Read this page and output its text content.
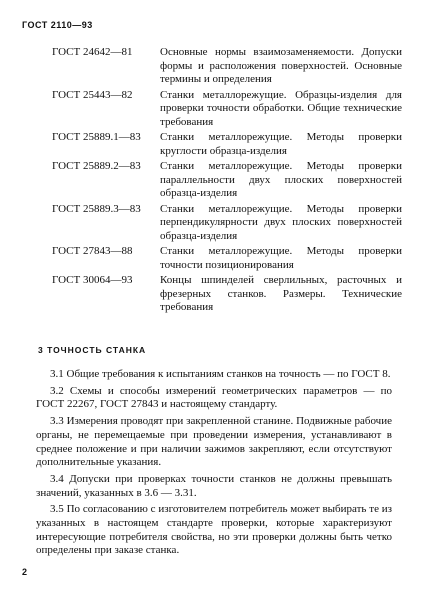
ГОСТ 2110—93
ГОСТ 24642—81	Основные нормы взаимозаменяемости. Допуски формы и расположения поверхностей. Основные термины и определения
ГОСТ 25443—82	Станки металлорежущие. Образцы-изделия для проверки точности обработки. Общие технические требования
ГОСТ 25889.1—83	Станки металлорежущие. Методы проверки круглости образца-изделия
ГОСТ 25889.2—83	Станки металлорежущие. Методы проверки параллельности двух плоских поверхностей образца-изделия
ГОСТ 25889.3—83	Станки металлорежущие. Методы проверки перпендикулярности двух плоских поверхностей образца-изделия
ГОСТ 27843—88	Станки металлорежущие. Методы проверки точности позиционирования
ГОСТ 30064—93	Концы шпинделей сверлильных, расточных и фрезерных станков. Размеры. Технические требования
3 ТОЧНОСТЬ СТАНКА

3.1 Общие требования к испытаниям станков на точность — по ГОСТ 8.

3.2 Схемы и способы измерений геометрических параметров — по ГОСТ 22267, ГОСТ 27843 и настоящему стандарту.

3.3 Измерения проводят при закрепленной станине. Подвижные рабочие органы, не перемещаемые при проведении измерения, устанавливают в среднее положение и при наличии зажимов закрепляют, если отсутствуют дополнительные указания.

3.4 Допуски при проверках точности станков не должны превышать значений, указанных в 3.6 — 3.31.

3.5 По согласованию с изготовителем потребитель может выбирать те из указанных в настоящем стандарте проверки, которые характеризуют интересующие потребителя свойства, но эти проверки должны быть четко определены при заказе станка.

2
